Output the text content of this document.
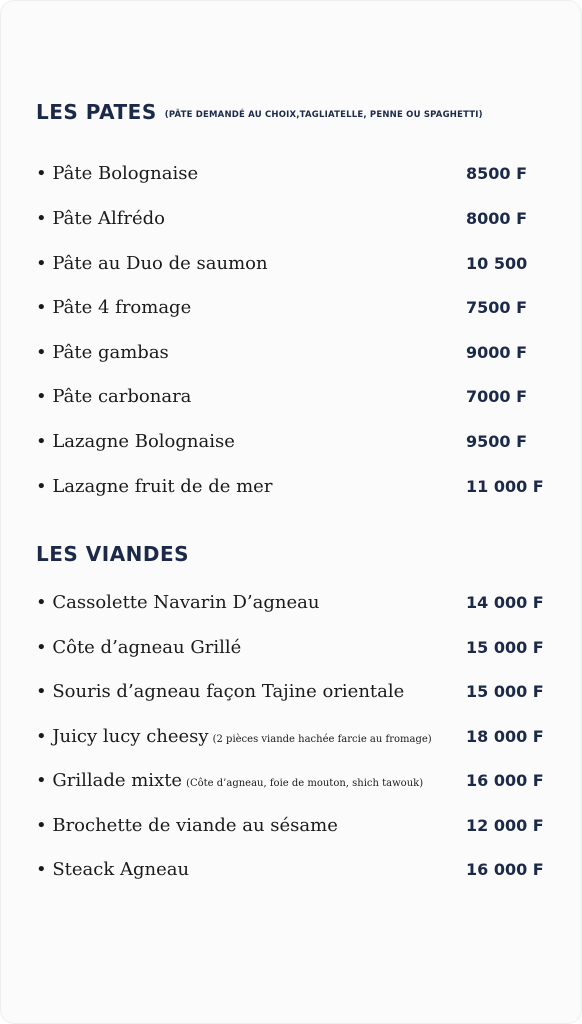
LES PATES (PÂTE DEMANDÉ AU CHOIX,TAGLIATELLE, PENNE OU SPAGHETTI)
• Pâte Bolognaise	8500 F
• Pâte Alfrédo	8000 F
• Pâte au Duo de saumon	10 500
• Pâte 4 fromage	7500 F
• Pâte gambas	9000 F
• Pâte carbonara	7000 F
• Lazagne Bolognaise	9500 F
• Lazagne fruit de de mer	11 000 F
LES VIANDES
• Cassolette Navarin D’agneau	14 000 F
• Côte d’agneau Grillé	15 000 F
• Souris d’agneau façon Tajine orientale	15 000 F
• Juicy lucy cheesy (2 pièces viande hachée farcie au fromage) 18 000 F
• Grillade mixte (Côte d’agneau, foie de mouton, shich tawouk)	16 000 F
• Brochette de viande au sésame	12 000 F
• Steack Agneau	16 000 F
